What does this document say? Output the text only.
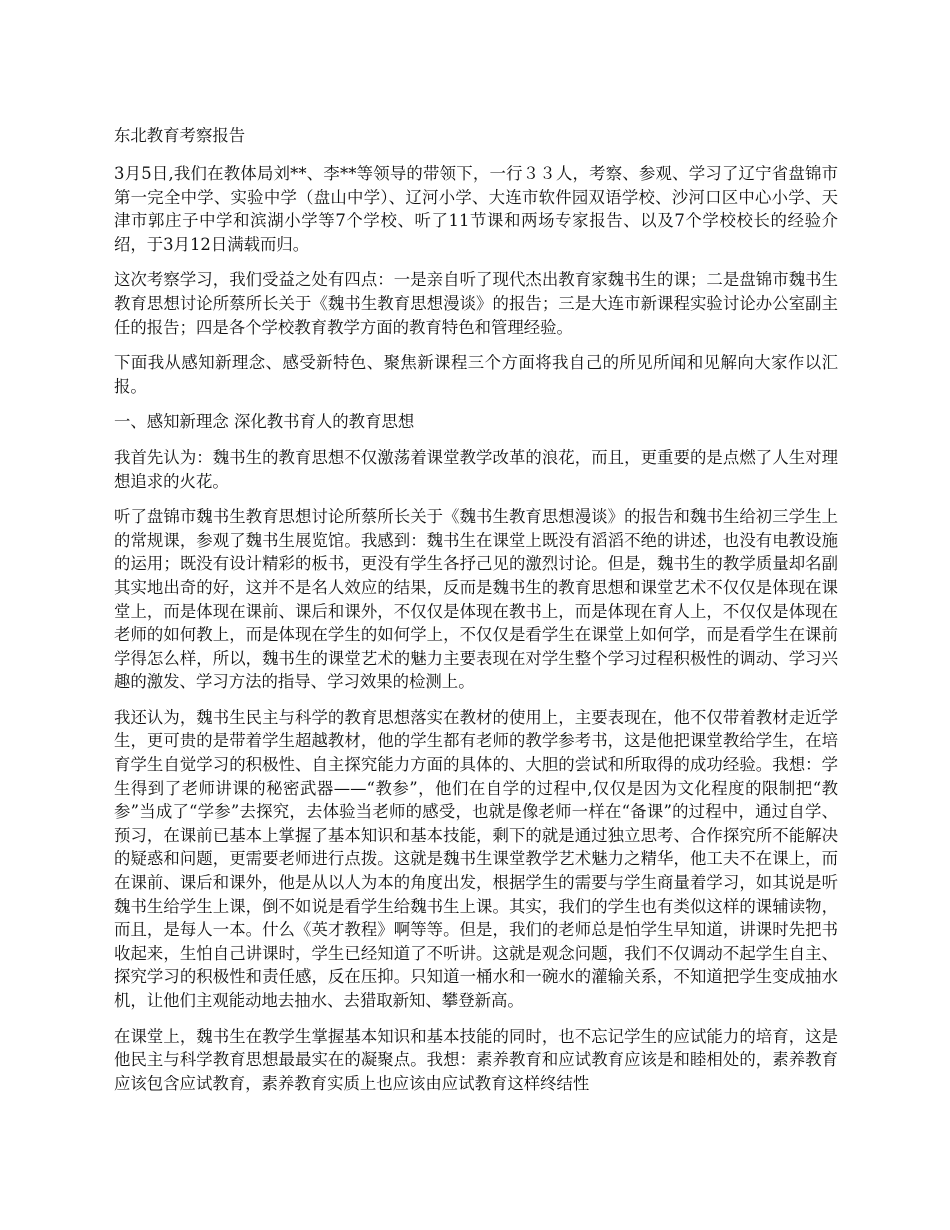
东北教育考察报告

3月5日,我们在教体局刘**、李**等领导的带领下，一行３３人，考察、参观、学习了辽宁省盘锦市第一完全中学、实验中学（盘山中学）、辽河小学、大连市软件园双语学校、沙河口区中心小学、天津市郭庄子中学和滨湖小学等7个学校、听了11节课和两场专家报告、以及7个学校校长的经验介绍，于3月12日满载而归。

这次考察学习，我们受益之处有四点：一是亲自听了现代杰出教育家魏书生的课；二是盘锦市魏书生教育思想讨论所蔡所长关于《魏书生教育思想漫谈》的报告；三是大连市新课程实验讨论办公室副主任的报告；四是各个学校教育教学方面的教育特色和管理经验。

下面我从感知新理念、感受新特色、聚焦新课程三个方面将我自己的所见所闻和见解向大家作以汇报。

一、感知新理念 深化教书育人的教育思想

我首先认为：魏书生的教育思想不仅激荡着课堂教学改革的浪花，而且，更重要的是点燃了人生对理想追求的火花。

听了盘锦市魏书生教育思想讨论所蔡所长关于《魏书生教育思想漫谈》的报告和魏书生给初三学生上的常规课，参观了魏书生展览馆。我感到：魏书生在课堂上既没有滔滔不绝的讲述，也没有电教设施的运用；既没有设计精彩的板书，更没有学生各抒己见的激烈讨论。但是，魏书生的教学质量却名副其实地出奇的好，这并不是名人效应的结果，反而是魏书生的教育思想和课堂艺术不仅仅是体现在课堂上，而是体现在课前、课后和课外，不仅仅是体现在教书上，而是体现在育人上，不仅仅是体现在老师的如何教上，而是体现在学生的如何学上，不仅仅是看学生在课堂上如何学，而是看学生在课前学得怎么样，所以，魏书生的课堂艺术的魅力主要表现在对学生整个学习过程积极性的调动、学习兴趣的激发、学习方法的指导、学习效果的检测上。

我还认为，魏书生民主与科学的教育思想落实在教材的使用上，主要表现在，他不仅带着教材走近学生，更可贵的是带着学生超越教材，他的学生都有老师的教学参考书，这是他把课堂教给学生，在培育学生自觉学习的积极性、自主探究能力方面的具体的、大胆的尝试和所取得的成功经验。我想：学生得到了老师讲课的秘密武器——“教参”，他们在自学的过程中,仅仅是因为文化程度的限制把“教参”当成了“学参”去探究，去体验当老师的感受，也就是像老师一样在“备课”的过程中，通过自学、预习，在课前已基本上掌握了基本知识和基本技能，剩下的就是通过独立思考、合作探究所不能解决的疑惑和问题，更需要老师进行点拨。这就是魏书生课堂教学艺术魅力之精华，他工夫不在课上，而在课前、课后和课外，他是从以人为本的角度出发，根据学生的需要与学生商量着学习，如其说是听魏书生给学生上课，倒不如说是看学生给魏书生上课。其实，我们的学生也有类似这样的课辅读物，而且，是每人一本。什么《英才教程》啊等等。但是，我们的老师总是怕学生早知道，讲课时先把书收起来，生怕自己讲课时，学生已经知道了不听讲。这就是观念问题，我们不仅调动不起学生自主、探究学习的积极性和责任感，反在压抑。只知道一桶水和一碗水的灌输关系，不知道把学生变成抽水机，让他们主观能动地去抽水、去猎取新知、攀登新高。

在课堂上，魏书生在教学生掌握基本知识和基本技能的同时，也不忘记学生的应试能力的培育，这是他民主与科学教育思想最最实在的凝聚点。我想：素养教育和应试教育应该是和睦相处的，素养教育应该包含应试教育，素养教育实质上也应该由应试教育这样终结性
